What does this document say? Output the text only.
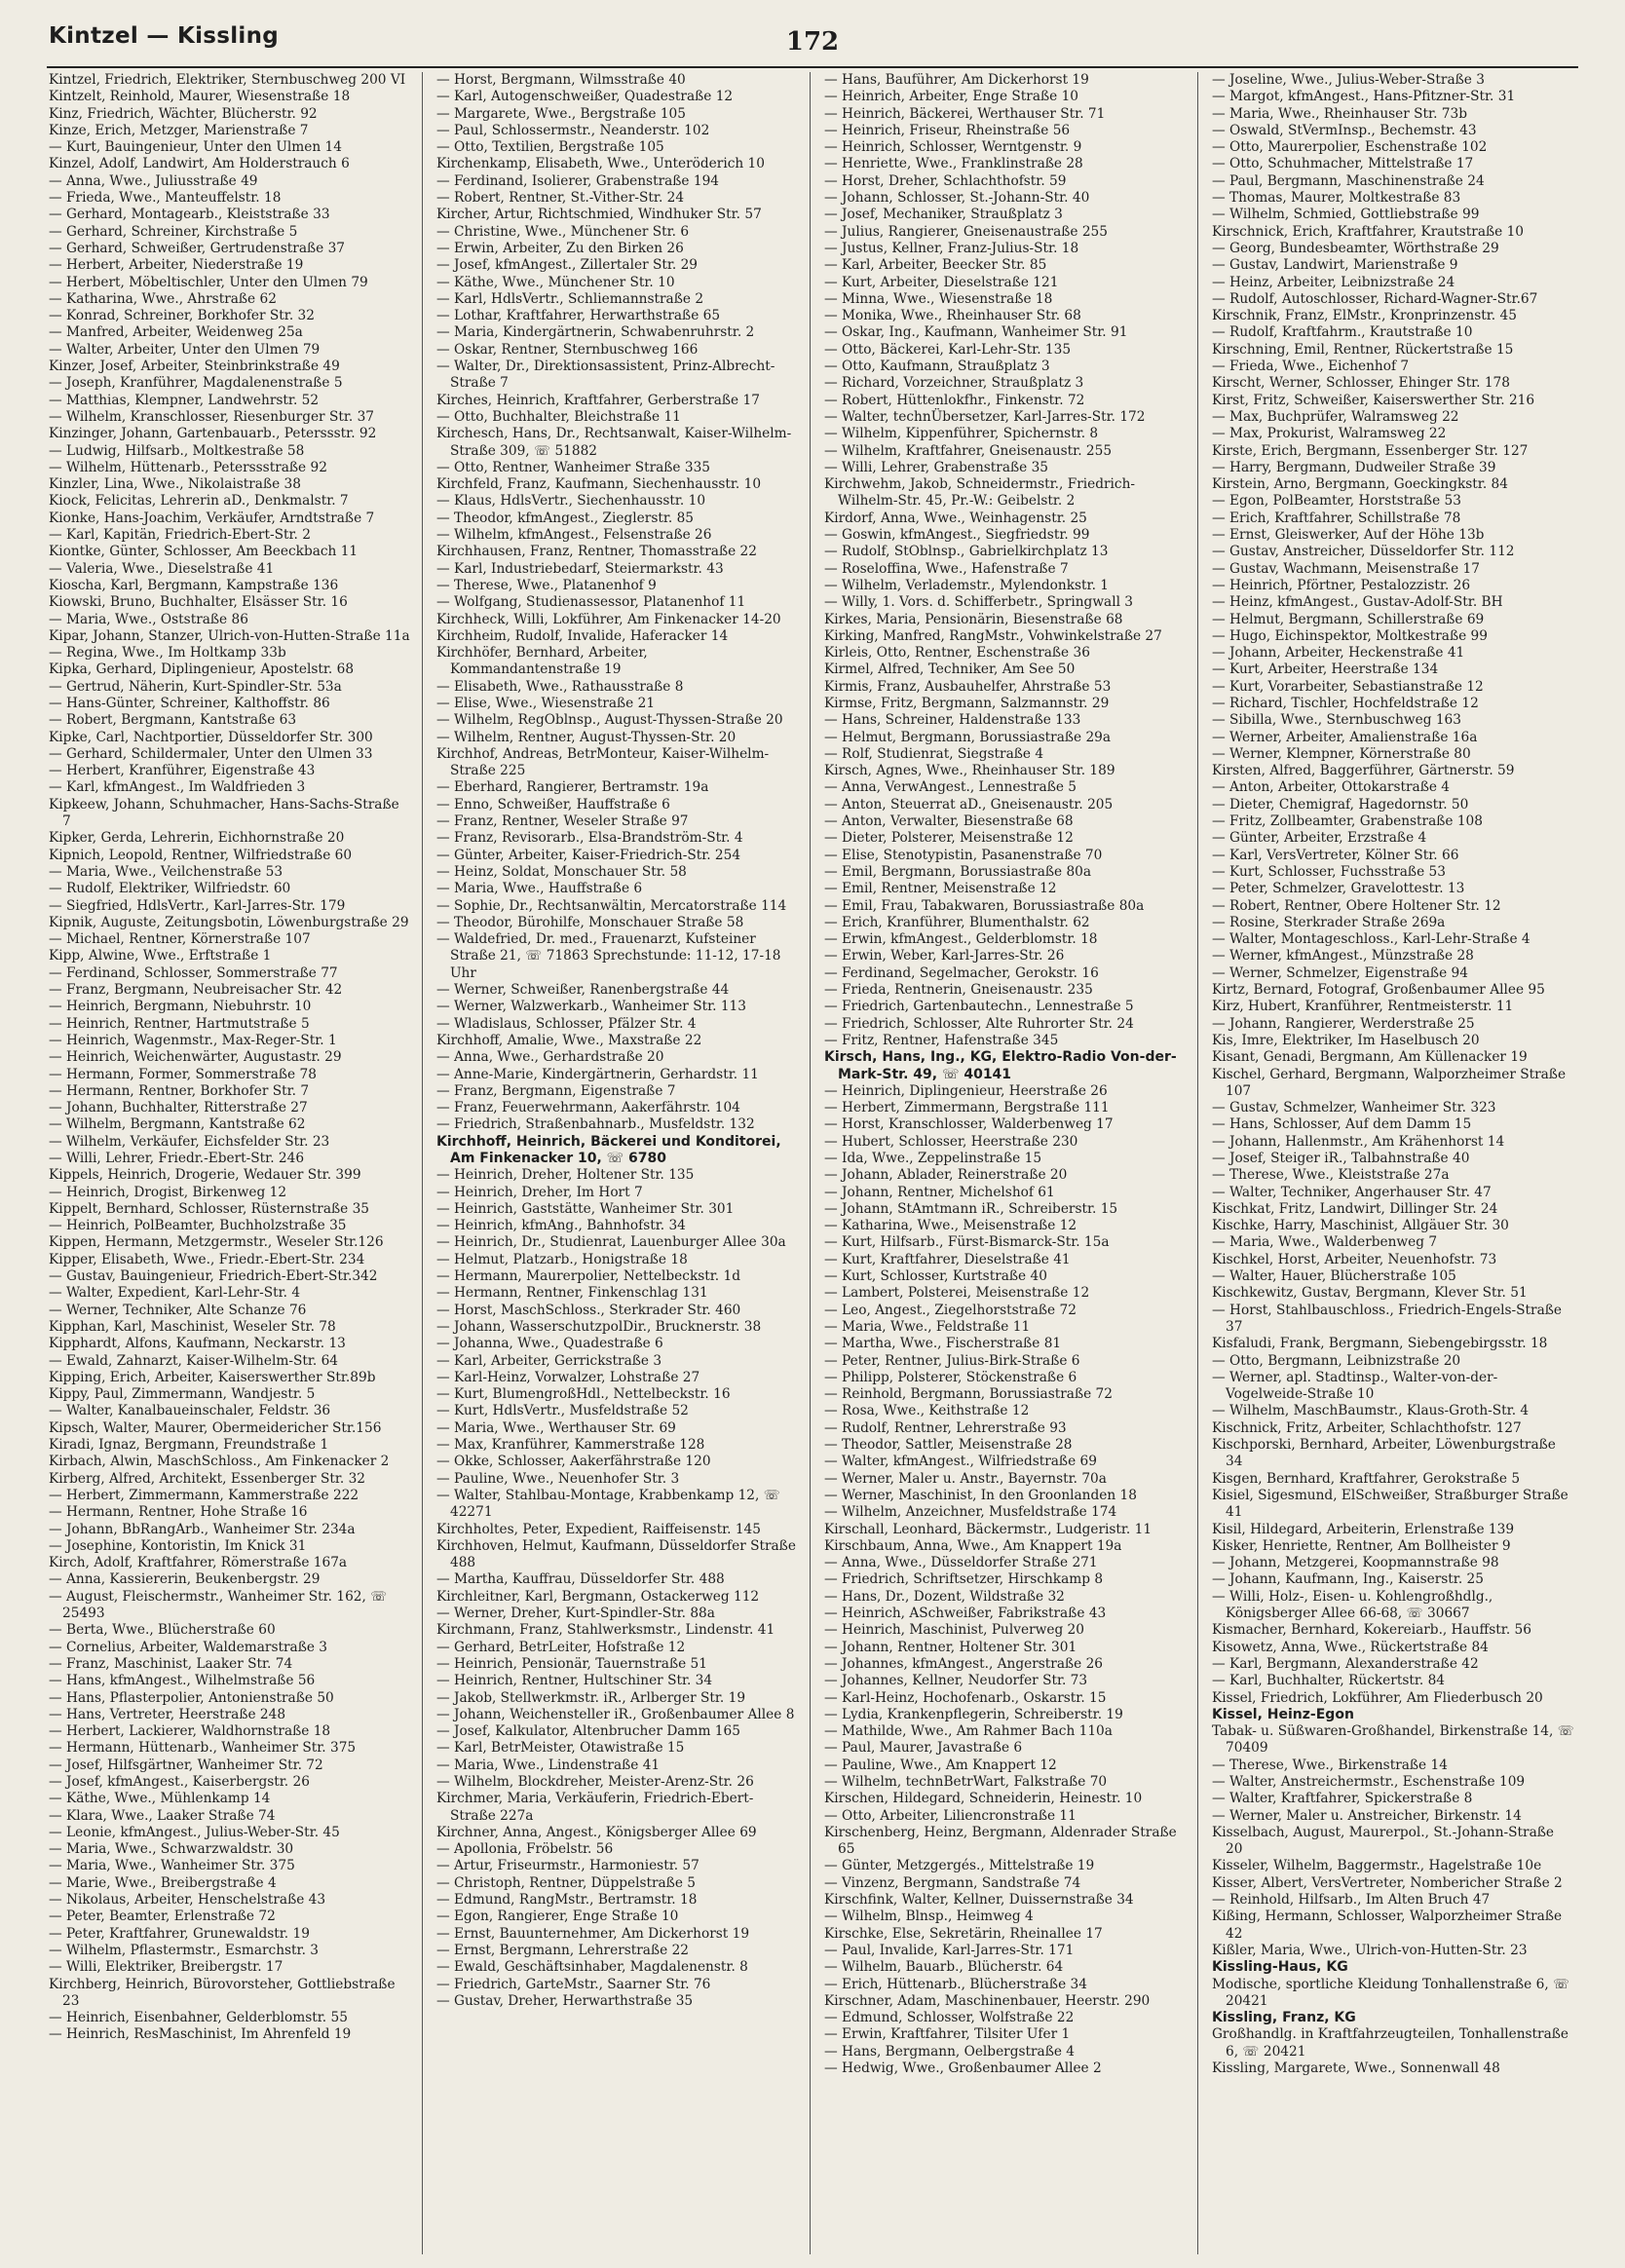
Kintzel — Kissling	172
Kintzel, Friedrich, Elektriker, Sternbuschweg 200 VI
Kintzelt, Reinhold, Maurer, Wiesenstraße 18
Kinz, Friedrich, Wächter, Blücherstr. 92
Kinze, Erich, Metzger, Marienstraße 7
— Kurt, Bauingenieur, Unter den Ulmen 14
Kinzel, Adolf, Landwirt, Am Holderstrauch 6
— Anna, Wwe., Juliusstraße 49
— Frieda, Wwe., Manteuffelstr. 18
— Gerhard, Montagearb., Kleiststraße 33
— Gerhard, Schreiner, Kirchstraße 5
— Gerhard, Schweißer, Gertrudenstraße 37
— Herbert, Arbeiter, Niederstraße 19
— Herbert, Möbeltischler, Unter den Ulmen 79
— Katharina, Wwe., Ahrstraße 62
— Konrad, Schreiner, Borkhofer Str. 32
— Manfred, Arbeiter, Weidenweg 25a
— Walter, Arbeiter, Unter den Ulmen 79
Kinzer, Josef, Arbeiter, Steinbrinkstraße 49
— Joseph, Kranführer, Magdalenenstraße 5
— Matthias, Klempner, Landwehrstr. 52
— Wilhelm, Kranschlosser, Riesenburger Str. 37
Kinzinger, Johann, Gartenbauarb., Peterssstr. 92
— Ludwig, Hilfsarb., Moltkestraße 58
— Wilhelm, Hüttenarb., Peterssstraße 92
Kinzler, Lina, Wwe., Nikolaistraße 38
Kiock, Felicitas, Lehrerin aD., Denkmalstr. 7
Kionke, Hans-Joachim, Verkäufer, Arndtstraße 7
— Karl, Kapitän, Friedrich-Ebert-Str. 2
Kiontke, Günter, Schlosser, Am Beeckbach 11
— Valeria, Wwe., Dieselstraße 41
Kioscha, Karl, Bergmann, Kampstraße 136
Kiowski, Bruno, Buchhalter, Elsässer Str. 16
— Maria, Wwe., Oststraße 86
Kipar, Johann, Stanzer, Ulrich-von-Hutten-Straße 11a
— Regina, Wwe., Im Holtkamp 33b
Kipka, Gerhard, Diplingenieur, Apostelstr. 68
— Gertrud, Näherin, Kurt-Spindler-Str. 53a
— Hans-Günter, Schreiner, Kalthoffstr. 86
— Robert, Bergmann, Kantstraße 63
Kipke, Carl, Nachtportier, Düsseldorfer Str. 300
— Gerhard, Schildermaler, Unter den Ulmen 33
— Herbert, Kranführer, Eigenstraße 43
— Karl, kfmAngest., Im Waldfrieden 3
Kipkeew, Johann, Schuhmacher, Hans-Sachs-Straße 7
Kipker, Gerda, Lehrerin, Eichhornstraße 20
Kipnich, Leopold, Rentner, Wilfriedstraße 60
— Maria, Wwe., Veilchenstraße 53
— Rudolf, Elektriker, Wilfriedstr. 60
— Siegfried, HdlsVertr., Karl-Jarres-Str. 179
Kipnik, Auguste, Zeitungsbotin, Löwenburgstraße 29
— Michael, Rentner, Körnerstraße 107
Kipp, Alwine, Wwe., Erftstraße 1
— Ferdinand, Schlosser, Sommerstraße 77
— Franz, Bergmann, Neubreisacher Str. 42
— Heinrich, Bergmann, Niebuhrstr. 10
— Heinrich, Rentner, Hartmutstraße 5
— Heinrich, Wagenmstr., Max-Reger-Str. 1
— Heinrich, Weichenwärter, Augustastr. 29
— Hermann, Former, Sommerstraße 78
— Hermann, Rentner, Borkhofer Str. 7
— Johann, Buchhalter, Ritterstraße 27
— Wilhelm, Bergmann, Kantstraße 62
— Wilhelm, Verkäufer, Eichsfelder Str. 23
— Willi, Lehrer, Friedr.-Ebert-Str. 246
Kippels, Heinrich, Drogerie, Wedauer Str. 399
— Heinrich, Drogist, Birkenweg 12
Kippelt, Bernhard, Schlosser, Rüsternstraße 35
— Heinrich, PolBeamter, Buchholzstraße 35
Kippen, Hermann, Metzgermstr., Weseler Str.126
Kipper, Elisabeth, Wwe., Friedr.-Ebert-Str. 234
— Gustav, Bauingenieur, Friedrich-Ebert-Str.342
— Walter, Expedient, Karl-Lehr-Str. 4
— Werner, Techniker, Alte Schanze 76
Kipphan, Karl, Maschinist, Weseler Str. 78
Kipphardt, Alfons, Kaufmann, Neckarstr. 13
— Ewald, Zahnarzt, Kaiser-Wilhelm-Str. 64
Kipping, Erich, Arbeiter, Kaiserswerther Str.89b
Kippy, Paul, Zimmermann, Wandjestr. 5
— Walter, Kanalbaueinschaler, Feldstr. 36
Kipsch, Walter, Maurer, Obermeidericher Str.156
Kiradi, Ignaz, Bergmann, Freundstraße 1
Kirbach, Alwin, MaschSchloss., Am Finkenacker 2
Kirberg, Alfred, Architekt, Essenberger Str. 32
— Herbert, Zimmermann, Kammerstraße 222
— Hermann, Rentner, Hohe Straße 16
— Johann, BbRangArb., Wanheimer Str. 234a
— Josephine, Kontoristin, Im Knick 31
Kirch, Adolf, Kraftfahrer, Römerstraße 167a
— Anna, Kassiererin, Beukenbergstr. 29
— August, Fleischermstr., Wanheimer Str. 162, ☏ 25493
— Berta, Wwe., Blücherstraße 60
— Cornelius, Arbeiter, Waldemarstraße 3
— Franz, Maschinist, Laaker Str. 74
— Hans, kfmAngest., Wilhelmstraße 56
— Hans, Pflasterpolier, Antonienstraße 50
— Hans, Vertreter, Heerstraße 248
— Herbert, Lackierer, Waldhornstraße 18
— Hermann, Hüttenarb., Wanheimer Str. 375
— Josef, Hilfsgärtner, Wanheimer Str. 72
— Josef, kfmAngest., Kaiserbergstr. 26
— Käthe, Wwe., Mühlenkamp 14
— Klara, Wwe., Laaker Straße 74
— Leonie, kfmAngest., Julius-Weber-Str. 45
— Maria, Wwe., Schwarzwaldstr. 30
— Maria, Wwe., Wanheimer Str. 375
— Marie, Wwe., Breibergstraße 4
— Nikolaus, Arbeiter, Henschelstraße 43
— Peter, Beamter, Erlenstraße 72
— Peter, Kraftfahrer, Grunewaldstr. 19
— Wilhelm, Pflastermstr., Esmarchstr. 3
— Willi, Elektriker, Breibergstr. 17
Kirchberg, Heinrich, Bürovorsteher, Gottliebstraße 23
— Heinrich, Eisenbahner, Gelderblomstr. 55
— Heinrich, ResMaschinist, Im Ahrenfeld 19
— Horst, Bergmann, Wilmsstraße 40
— Karl, Autogenschweißer, Quadestraße 12
— Margarete, Wwe., Bergstraße 105
— Paul, Schlossermstr., Neanderstr. 102
— Otto, Textilien, Bergstraße 105
Kirchenkamp, Elisabeth, Wwe., Unteröderich 10
— Ferdinand, Isolierer, Grabenstraße 194
— Robert, Rentner, St.-Vither-Str. 24
Kircher, Artur, Richtschmied, Windhuker Str. 57
— Christine, Wwe., Münchener Str. 6
— Erwin, Arbeiter, Zu den Birken 26
— Josef, kfmAngest., Zillertaler Str. 29
— Käthe, Wwe., Münchener Str. 10
— Karl, HdlsVertr., Schliemannstraße 2
— Lothar, Kraftfahrer, Herwarthstraße 65
— Maria, Kindergärtnerin, Schwabenruhrstr. 2
— Oskar, Rentner, Sternbuschweg 166
— Walter, Dr., Direktionsassistent, Prinz-Albrecht-Straße 7
Kirches, Heinrich, Kraftfahrer, Gerberstraße 17
— Otto, Buchhalter, Bleichstraße 11
Kirchesch, Hans, Dr., Rechtsanwalt, Kaiser-Wilhelm-Straße 309, ☏ 51882
— Otto, Rentner, Wanheimer Straße 335
Kirchfeld, Franz, Kaufmann, Siechenhausstr. 10
— Klaus, HdlsVertr., Siechenhausstr. 10
— Theodor, kfmAngest., Zieglerstr. 85
— Wilhelm, kfmAngest., Felsenstraße 26
Kirchhausen, Franz, Rentner, Thomasstraße 22
— Karl, Industriebedarf, Steiermarkstr. 43
— Therese, Wwe., Platanenhof 9
— Wolfgang, Studienassessor, Platanenhof 11
Kirchheck, Willi, Lokführer, Am Finkenacker 14-20
Kirchheim, Rudolf, Invalide, Haferacker 14
Kirchhöfer, Bernhard, Arbeiter, Kommandantenstraße 19
— Elisabeth, Wwe., Rathausstraße 8
— Elise, Wwe., Wiesenstraße 21
— Wilhelm, RegOblnsp., August-Thyssen-Straße 20
— Wilhelm, Rentner, August-Thyssen-Str. 20
Kirchhof, Andreas, BetrMonteur, Kaiser-Wilhelm-Straße 225
— Eberhard, Rangierer, Bertramstr. 19a
— Enno, Schweißer, Hauffstraße 6
— Franz, Rentner, Weseler Straße 97
— Franz, Revisorarb., Elsa-Brandström-Str. 4
— Günter, Arbeiter, Kaiser-Friedrich-Str. 254
— Heinz, Soldat, Monschauer Str. 58
— Maria, Wwe., Hauffstraße 6
— Sophie, Dr., Rechtsanwältin, Mercatorstraße 114
— Theodor, Bürohilfe, Monschauer Straße 58
— Waldefried, Dr. med., Frauenarzt, Kufsteiner Straße 21, ☏ 71863 Sprechstunde: 11-12, 17-18 Uhr
— Werner, Schweißer, Ranenbergstraße 44
— Werner, Walzwerkarb., Wanheimer Str. 113
— Wladislaus, Schlosser, Pfälzer Str. 4
Kirchhoff, Amalie, Wwe., Maxstraße 22
— Anna, Wwe., Gerhardstraße 20
— Anne-Marie, Kindergärtnerin, Gerhardstr. 11
— Franz, Bergmann, Eigenstraße 7
— Franz, Feuerwehrmann, Aakerfährstr. 104
— Friedrich, Straßenbahnarb., Musfeldstr. 132
Kirchhoff, Heinrich, Bäckerei und Konditorei, Am Finkenacker 10, ☏ 6780
— Heinrich, Dreher, Holtener Str. 135
— Heinrich, Dreher, Im Hort 7
— Heinrich, Gaststätte, Wanheimer Str. 301
— Heinrich, kfmAng., Bahnhofstr. 34
— Heinrich, Dr., Studienrat, Lauenburger Allee 30a
— Helmut, Platzarb., Honigstraße 18
— Hermann, Maurerpolier, Nettelbeckstr. 1d
— Hermann, Rentner, Finkenschlag 131
— Horst, MaschSchloss., Sterkrader Str. 460
— Johann, WasserschutzpolDir., Brucknerstr. 38
— Johanna, Wwe., Quadestraße 6
— Karl, Arbeiter, Gerrickstraße 3
— Karl-Heinz, Vorwalzer, Lohstraße 27
— Kurt, BlumengroßHdl., Nettelbeckstr. 16
— Kurt, HdlsVertr., Musfeldstraße 52
— Maria, Wwe., Werthauser Str. 69
— Max, Kranführer, Kammerstraße 128
— Okke, Schlosser, Aakerfährstraße 120
— Pauline, Wwe., Neuenhofer Str. 3
— Walter, Stahlbau-Montage, Krabbenkamp 12, ☏ 42271
Kirchholtes, Peter, Expedient, Raiffeisenstr. 145
Kirchhoven, Helmut, Kaufmann, Düsseldorfer Straße 488
— Martha, Kauffrau, Düsseldorfer Str. 488
Kirchleitner, Karl, Bergmann, Ostackerweg 112
— Werner, Dreher, Kurt-Spindler-Str. 88a
Kirchmann, Franz, Stahlwerksmstr., Lindenstr. 41
— Gerhard, BetrLeiter, Hofstraße 12
— Heinrich, Pensionär, Tauernstraße 51
— Heinrich, Rentner, Hultschiner Str. 34
— Jakob, Stellwerkmstr. iR., Arlberger Str. 19
— Johann, Weichensteller iR., Großenbaumer Allee 8
— Josef, Kalkulator, Altenbrucher Damm 165
— Karl, BetrMeister, Otawistraße 15
— Maria, Wwe., Lindenstraße 41
— Wilhelm, Blockdreher, Meister-Arenz-Str. 26
Kirchmer, Maria, Verkäuferin, Friedrich-Ebert-Straße 227a
Kirchner, Anna, Angest., Königsberger Allee 69
— Apollonia, Fröbelstr. 56
— Artur, Friseurmstr., Harmoniestr. 57
— Christoph, Rentner, Düppelstraße 5
— Edmund, RangMstr., Bertramstr. 18
— Egon, Rangierer, Enge Straße 10
— Ernst, Bauunternehmer, Am Dickerhorst 19
— Ernst, Bergmann, Lehrerstraße 22
— Ewald, Geschäftsinhaber, Magdalenenstr. 8
— Friedrich, GarteMstr., Saarner Str. 76
— Gustav, Dreher, Herwarthstraße 35
— Hans, Bauführer, Am Dickerhorst 19
— Heinrich, Arbeiter, Enge Straße 10
— Heinrich, Bäckerei, Werthauser Str. 71
— Heinrich, Friseur, Rheinstraße 56
— Heinrich, Schlosser, Werntgenstr. 9
— Henriette, Wwe., Franklinstraße 28
— Horst, Dreher, Schlachthofstr. 59
— Johann, Schlosser, St.-Johann-Str. 40
— Josef, Mechaniker, Straußplatz 3
— Julius, Rangierer, Gneisenaustraße 255
— Justus, Kellner, Franz-Julius-Str. 18
— Karl, Arbeiter, Beecker Str. 85
— Kurt, Arbeiter, Dieselstraße 121
— Minna, Wwe., Wiesenstraße 18
— Monika, Wwe., Rheinhauser Str. 68
— Oskar, Ing., Kaufmann, Wanheimer Str. 91
— Otto, Bäckerei, Karl-Lehr-Str. 135
— Otto, Kaufmann, Straußplatz 3
— Richard, Vorzeichner, Straußplatz 3
— Robert, Hüttenlokfhr., Finkenstr. 72
— Walter, technÜbersetzer, Karl-Jarres-Str. 172
— Wilhelm, Kippenführer, Spichernstr. 8
— Wilhelm, Kraftfahrer, Gneisenaustr. 255
— Willi, Lehrer, Grabenstraße 35
Kirchwehm, Jakob, Schneidermstr., Friedrich-Wilhelm-Str. 45, Pr.-W.: Geibelstr. 2
Kirdorf, Anna, Wwe., Weinhagenstr. 25
— Goswin, kfmAngest., Siegfriedstr. 99
— Rudolf, StOblnsp., Gabrielkirchplatz 13
— Roseloffina, Wwe., Hafenstraße 7
— Wilhelm, Verlademstr., Mylendonkstr. 1
— Willy, 1. Vors. d. Schifferbetr., Springwall 3
Kirkes, Maria, Pensionärin, Biesenstraße 68
Kirking, Manfred, RangMstr., Vohwinkelstraße 27
Kirleis, Otto, Rentner, Eschenstraße 36
Kirmel, Alfred, Techniker, Am See 50
Kirmis, Franz, Ausbauhelfer, Ahrstraße 53
Kirmse, Fritz, Bergmann, Salzmannstr. 29
— Hans, Schreiner, Haldenstraße 133
— Helmut, Bergmann, Borussiastraße 29a
— Rolf, Studienrat, Siegstraße 4
Kirsch, Agnes, Wwe., Rheinhauser Str. 189
— Anna, VerwAngest., Lennestraße 5
— Anton, Steuerrat aD., Gneisenaustr. 205
— Anton, Verwalter, Biesenstraße 68
— Dieter, Polsterer, Meisenstraße 12
— Elise, Stenotypistin, Pasanenstraße 70
— Emil, Bergmann, Borussiastraße 80a
— Emil, Rentner, Meisenstraße 12
— Emil, Frau, Tabakwaren, Borussiastraße 80a
— Erich, Kranführer, Blumenthalstr. 62
— Erwin, kfmAngest., Gelderblomstr. 18
— Erwin, Weber, Karl-Jarres-Str. 26
— Ferdinand, Segelmacher, Gerokstr. 16
— Frieda, Rentnerin, Gneisenaustr. 235
— Friedrich, Gartenbautechn., Lennestraße 5
— Friedrich, Schlosser, Alte Ruhrorter Str. 24
— Fritz, Rentner, Hafenstraße 345
Kirsch, Hans, Ing., KG, Elektro-Radio Von-der-Mark-Str. 49, ☏ 40141
— Heinrich, Diplingenieur, Heerstraße 26
— Herbert, Zimmermann, Bergstraße 111
— Horst, Kranschlosser, Walderbenweg 17
— Hubert, Schlosser, Heerstraße 230
— Ida, Wwe., Zeppelinstraße 15
— Johann, Ablader, Reinerstraße 20
— Johann, Rentner, Michelshof 61
— Johann, StAmtmann iR., Schreiberstr. 15
— Katharina, Wwe., Meisenstraße 12
— Kurt, Hilfsarb., Fürst-Bismarck-Str. 15a
— Kurt, Kraftfahrer, Dieselstraße 41
— Kurt, Schlosser, Kurtstraße 40
— Lambert, Polsterei, Meisenstraße 12
— Leo, Angest., Ziegelhorststraße 72
— Maria, Wwe., Feldstraße 11
— Martha, Wwe., Fischerstraße 81
— Peter, Rentner, Julius-Birk-Straße 6
— Philipp, Polsterer, Stöckenstraße 6
— Reinhold, Bergmann, Borussiastraße 72
— Rosa, Wwe., Keithstraße 12
— Rudolf, Rentner, Lehrerstraße 93
— Theodor, Sattler, Meisenstraße 28
— Walter, kfmAngest., Wilfriedstraße 69
— Werner, Maler u. Anstr., Bayernstr. 70a
— Werner, Maschinist, In den Groonlanden 18
— Wilhelm, Anzeichner, Musfeldstraße 174
Kirschall, Leonhard, Bäckermstr., Ludgeristr. 11
Kirschbaum, Anna, Wwe., Am Knappert 19a
— Anna, Wwe., Düsseldorfer Straße 271
— Friedrich, Schriftsetzer, Hirschkamp 8
— Hans, Dr., Dozent, Wildstraße 32
— Heinrich, ASchweißer, Fabrikstraße 43
— Heinrich, Maschinist, Pulverweg 20
— Johann, Rentner, Holtener Str. 301
— Johannes, kfmAngest., Angerstraße 26
— Johannes, Kellner, Neudorfer Str. 73
— Karl-Heinz, Hochofenarb., Oskarstr. 15
— Lydia, Krankenpflegerin, Schreiberstr. 19
— Mathilde, Wwe., Am Rahmer Bach 110a
— Paul, Maurer, Javastraße 6
— Pauline, Wwe., Am Knappert 12
— Wilhelm, technBetrWart, Falkstraße 70
Kirschen, Hildegard, Schneiderin, Heinestr. 10
— Otto, Arbeiter, Liliencronstraße 11
Kirschenberg, Heinz, Bergmann, Aldenrader Straße 65
— Günter, Metzgergés., Mittelstraße 19
— Vinzenz, Bergmann, Sandstraße 74
Kirschfink, Walter, Kellner, Duissernstraße 34
— Wilhelm, Blnsp., Heimweg 4
Kirschke, Else, Sekretärin, Rheinallee 17
— Paul, Invalide, Karl-Jarres-Str. 171
— Wilhelm, Bauarb., Blücherstr. 64
— Erich, Hüttenarb., Blücherstraße 34
Kirschner, Adam, Maschinenbauer, Heerstr. 290
— Edmund, Schlosser, Wolfstraße 22
— Erwin, Kraftfahrer, Tilsiter Ufer 1
— Hans, Bergmann, Oelbergstraße 4
— Hedwig, Wwe., Großenbaumer Allee 2
— Joseline, Wwe., Julius-Weber-Straße 3
— Margot, kfmAngest., Hans-Pfitzner-Str. 31
— Maria, Wwe., Rheinhauser Str. 73b
— Oswald, StVermInsp., Bechemstr. 43
— Otto, Maurerpolier, Eschenstraße 102
— Otto, Schuhmacher, Mittelstraße 17
— Paul, Bergmann, Maschinenstraße 24
— Thomas, Maurer, Moltkestraße 83
— Wilhelm, Schmied, Gottliebstraße 99
Kirschnick, Erich, Kraftfahrer, Krautstraße 10
— Georg, Bundesbeamter, Wörthstraße 29
— Gustav, Landwirt, Marienstraße 9
— Heinz, Arbeiter, Leibnizstraße 24
— Rudolf, Autoschlosser, Richard-Wagner-Str.67
Kirschnik, Franz, ElMstr., Kronprinzenstr. 45
— Rudolf, Kraftfahrm., Krautstraße 10
Kirschning, Emil, Rentner, Rückertstraße 15
— Frieda, Wwe., Eichenhof 7
Kirscht, Werner, Schlosser, Ehinger Str. 178
Kirst, Fritz, Schweißer, Kaiserswerther Str. 216
— Max, Buchprüfer, Walramsweg 22
— Max, Prokurist, Walramsweg 22
Kirste, Erich, Bergmann, Essenberger Str. 127
— Harry, Bergmann, Dudweiler Straße 39
Kirstein, Arno, Bergmann, Goeckingkstr. 84
— Egon, PolBeamter, Horststraße 53
— Erich, Kraftfahrer, Schillstraße 78
— Ernst, Gleiswerker, Auf der Höhe 13b
— Gustav, Anstreicher, Düsseldorfer Str. 112
— Gustav, Wachmann, Meisenstraße 17
— Heinrich, Pförtner, Pestalozzistr. 26
— Heinz, kfmAngest., Gustav-Adolf-Str. BH
— Helmut, Bergmann, Schillerstraße 69
— Hugo, Eichinspektor, Moltkestraße 99
— Johann, Arbeiter, Heckenstraße 41
— Kurt, Arbeiter, Heerstraße 134
— Kurt, Vorarbeiter, Sebastianstraße 12
— Richard, Tischler, Hochfeldstraße 12
— Sibilla, Wwe., Sternbuschweg 163
— Werner, Arbeiter, Amalienstraße 16a
— Werner, Klempner, Körnerstraße 80
Kirsten, Alfred, Baggerführer, Gärtnerstr. 59
— Anton, Arbeiter, Ottokarstraße 4
— Dieter, Chemigraf, Hagedornstr. 50
— Fritz, Zollbeamter, Grabenstraße 108
— Günter, Arbeiter, Erzstraße 4
— Karl, VersVertreter, Kölner Str. 66
— Kurt, Schlosser, Fuchsstraße 53
— Peter, Schmelzer, Gravelottestr. 13
— Robert, Rentner, Obere Holtener Str. 12
— Rosine, Sterkrader Straße 269a
— Walter, Montageschloss., Karl-Lehr-Straße 4
— Werner, kfmAngest., Münzstraße 28
— Werner, Schmelzer, Eigenstraße 94
Kirtz, Bernard, Fotograf, Großenbaumer Allee 95
Kirz, Hubert, Kranführer, Rentmeisterstr. 11
— Johann, Rangierer, Werderstraße 25
Kis, Imre, Elektriker, Im Haselbusch 20
Kisant, Genadi, Bergmann, Am Küllenacker 19
Kischel, Gerhard, Bergmann, Walporzheimer Straße 107
— Gustav, Schmelzer, Wanheimer Str. 323
— Hans, Schlosser, Auf dem Damm 15
— Johann, Hallenmstr., Am Krähenhorst 14
— Josef, Steiger iR., Talbahnstraße 40
— Therese, Wwe., Kleiststraße 27a
— Walter, Techniker, Angerhauser Str. 47
Kischkat, Fritz, Landwirt, Dillinger Str. 24
Kischke, Harry, Maschinist, Allgäuer Str. 30
— Maria, Wwe., Walderbenweg 7
Kischkel, Horst, Arbeiter, Neuenhofstr. 73
— Walter, Hauer, Blücherstraße 105
Kischkewitz, Gustav, Bergmann, Klever Str. 51
— Horst, Stahlbauschloss., Friedrich-Engels-Straße 37
Kisfaludi, Frank, Bergmann, Siebengebirgsstr. 18
— Otto, Bergmann, Leibnizstraße 20
— Werner, apl. Stadtinsp., Walter-von-der-Vogelweide-Straße 10
— Wilhelm, MaschBaumstr., Klaus-Groth-Str. 4
Kischnick, Fritz, Arbeiter, Schlachthofstr. 127
Kischporski, Bernhard, Arbeiter, Löwenburgstraße 34
Kisgen, Bernhard, Kraftfahrer, Gerokstraße 5
Kisiel, Sigesmund, ElSchweißer, Straßburger Straße 41
Kisil, Hildegard, Arbeiterin, Erlenstraße 139
Kisker, Henriette, Rentner, Am Bollheister 9
— Johann, Metzgerei, Koopmannstraße 98
— Johann, Kaufmann, Ing., Kaiserstr. 25
— Willi, Holz-, Eisen- u. Kohlengroßhdlg., Königsberger Allee 66-68, ☏ 30667
Kismacher, Bernhard, Kokereiarb., Hauffstr. 56
Kisowetz, Anna, Wwe., Rückertstraße 84
— Karl, Bergmann, Alexanderstraße 42
— Karl, Buchhalter, Rückertstr. 84
Kissel, Friedrich, Lokführer, Am Fliederbusch 20
Kissel, Heinz-Egon
Tabak- u. Süßwaren-Großhandel, Birkenstraße 14, ☏ 70409
— Therese, Wwe., Birkenstraße 14
— Walter, Anstreichermstr., Eschenstraße 109
— Walter, Kraftfahrer, Spickerstraße 8
— Werner, Maler u. Anstreicher, Birkenstr. 14
Kisselbach, August, Maurerpol., St.-Johann-Straße 20
Kisseler, Wilhelm, Baggermstr., Hagelstraße 10e
Kisser, Albert, VersVertreter, Nombericher Straße 2
— Reinhold, Hilfsarb., Im Alten Bruch 47
Kißing, Hermann, Schlosser, Walporzheimer Straße 42
Kißler, Maria, Wwe., Ulrich-von-Hutten-Str. 23
Kissling-Haus, KG
Modische, sportliche Kleidung Tonhallenstraße 6, ☏ 20421
Kissling, Franz, KG
Großhandlg. in Kraftfahrzeugteilen, Tonhallenstraße 6, ☏ 20421
Kissling, Margarete, Wwe., Sonnenwall 48
